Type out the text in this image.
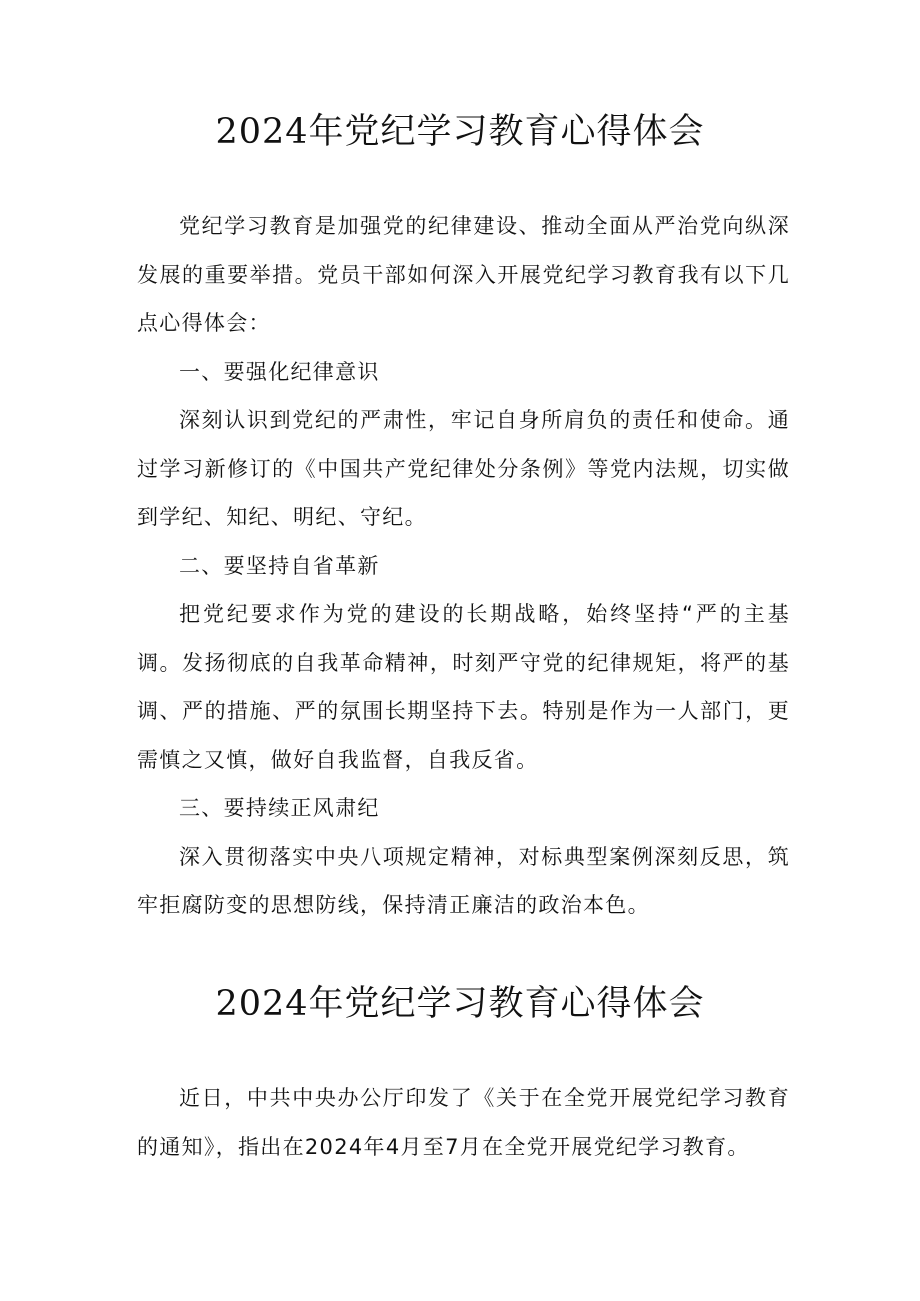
2024年党纪学习教育心得体会

党纪学习教育是加强党的纪律建设、推动全面从严治党向纵深发展的重要举措。党员干部如何深入开展党纪学习教育我有以下几点心得体会：

一、要强化纪律意识

深刻认识到党纪的严肃性，牢记自身所肩负的责任和使命。通过学习新修订的《中国共产党纪律处分条例》等党内法规，切实做到学纪、知纪、明纪、守纪。

二、要坚持自省革新

把党纪要求作为党的建设的长期战略，始终坚持“严的主基调。发扬彻底的自我革命精神，时刻严守党的纪律规矩，将严的基调、严的措施、严的氛围长期坚持下去。特别是作为一人部门，更需慎之又慎，做好自我监督，自我反省。

三、要持续正风肃纪

深入贯彻落实中央八项规定精神，对标典型案例深刻反思，筑牢拒腐防变的思想防线，保持清正廉洁的政治本色。

2024年党纪学习教育心得体会

近日，中共中央办公厅印发了《关于在全党开展党纪学习教育的通知》，指出在2024年4月至7月在全党开展党纪学习教育。
